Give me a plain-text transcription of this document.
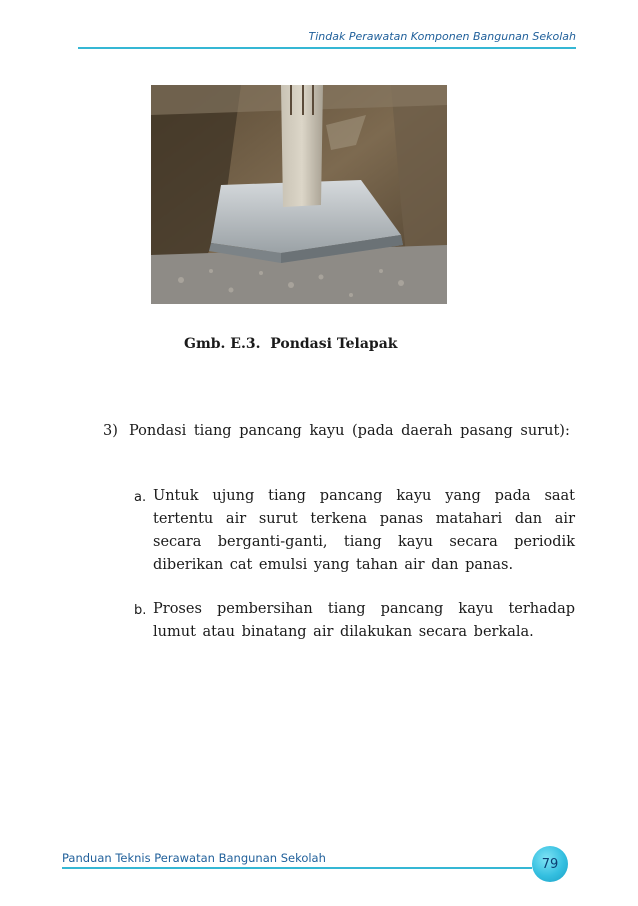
Tindak Perawatan Komponen Bangunan Sekolah
Gmb. E.3.  Pondasi Telapak
3) Pondasi tiang pancang kayu (pada daerah pasang surut):

a. Untuk ujung tiang pancang kayu yang pada saat tertentu air surut terkena panas matahari dan air secara berganti-ganti, tiang kayu secara periodik diberikan cat emulsi yang tahan air dan panas.

b. Proses pembersihan tiang pancang kayu terhadap lumut atau binatang air dilakukan secara berkala.

Panduan Teknis Perawatan Bangunan Sekolah	79
